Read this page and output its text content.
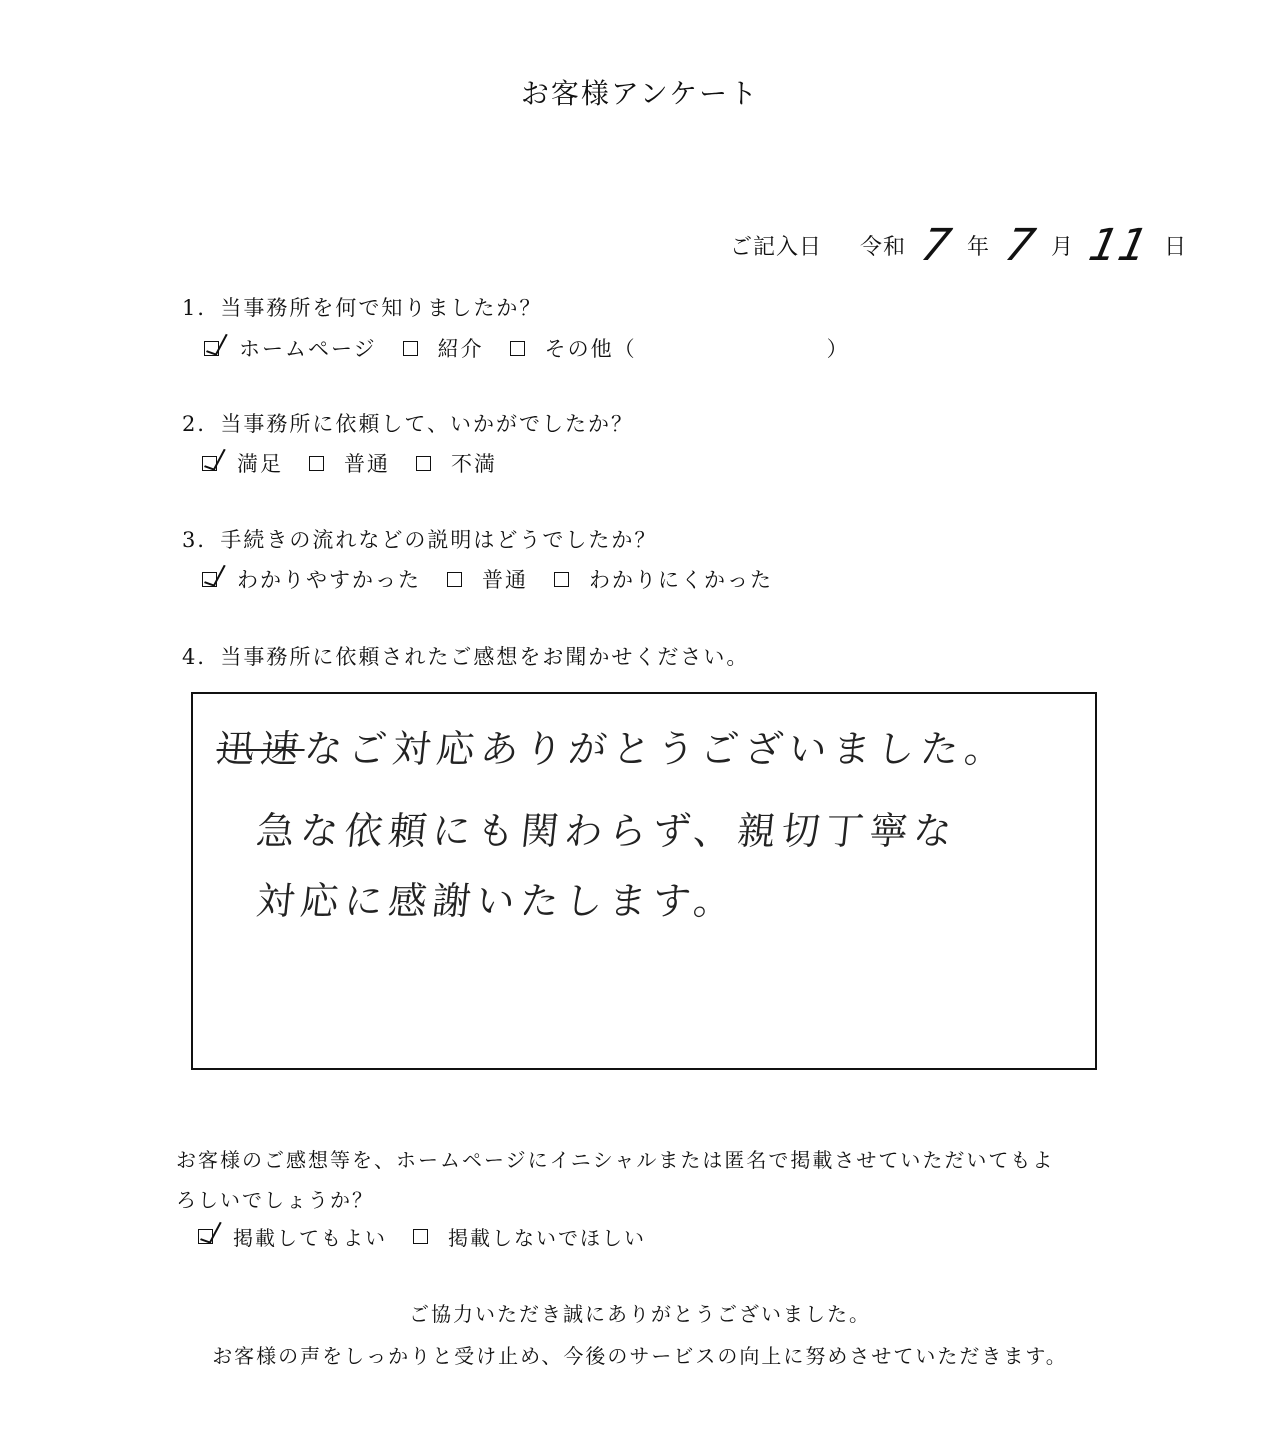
お客様アンケート
ご記入日 令和 7 年 7 月 11 日
1．当事務所を何で知りましたか？
ホームページ	紹介	その他（	）
2．当事務所に依頼して、いかがでしたか？
満足	普通	不満
3．手続きの流れなどの説明はどうでしたか？
わかりやすかった	普通	わかりにくかった
4．当事務所に依頼されたご感想をお聞かせください。
迅速なご対応ありがとうございました。
急な依頼にも関わらず、親切丁寧な
対応に感謝いたします。
お客様のご感想等を、ホームページにイニシャルまたは匿名で掲載させていただいてもよ
ろしいでしょうか？
掲載してもよい	掲載しないでほしい
ご協力いただき誠にありがとうございました。
お客様の声をしっかりと受け止め、今後のサービスの向上に努めさせていただきます。
